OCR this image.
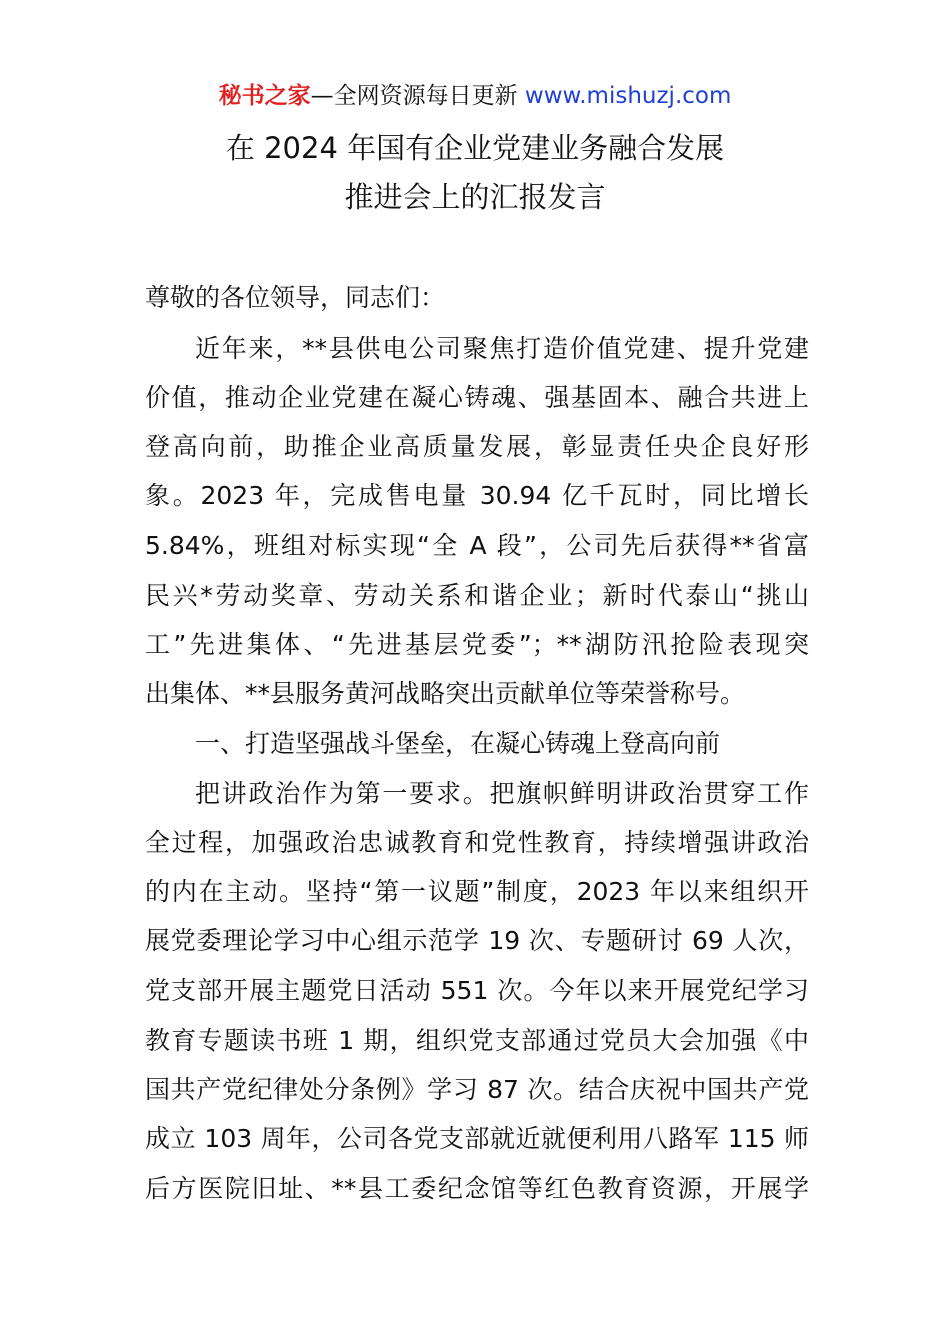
秘书之家—全网资源每日更新 www.mishuzj.com
在 2024 年国有企业党建业务融合发展
推进会上的汇报发言
尊敬的各位领导，同志们：
近年来，**县供电公司聚焦打造价值党建、提升党建
价值，推动企业党建在凝心铸魂、强基固本、融合共进上
登高向前，助推企业高质量发展，彰显责任央企良好形
象。2023 年，完成售电量 30.94 亿千瓦时，同比增长
5.84%，班组对标实现“全 A 段”，公司先后获得**省富
民兴*劳动奖章、劳动关系和谐企业；新时代泰山“挑山
工”先进集体、“先进基层党委”；**湖防汛抢险表现突
出集体、**县服务黄河战略突出贡献单位等荣誉称号。
一、打造坚强战斗堡垒，在凝心铸魂上登高向前
把讲政治作为第一要求。把旗帜鲜明讲政治贯穿工作
全过程，加强政治忠诚教育和党性教育，持续增强讲政治
的内在主动。坚持“第一议题”制度，2023 年以来组织开
展党委理论学习中心组示范学 19 次、专题研讨 69 人次，
党支部开展主题党日活动 551 次。今年以来开展党纪学习
教育专题读书班 1 期，组织党支部通过党员大会加强《中
国共产党纪律处分条例》学习 87 次。结合庆祝中国共产党
成立 103 周年，公司各党支部就近就便利用八路军 115 师
后方医院旧址、**县工委纪念馆等红色教育资源，开展学
